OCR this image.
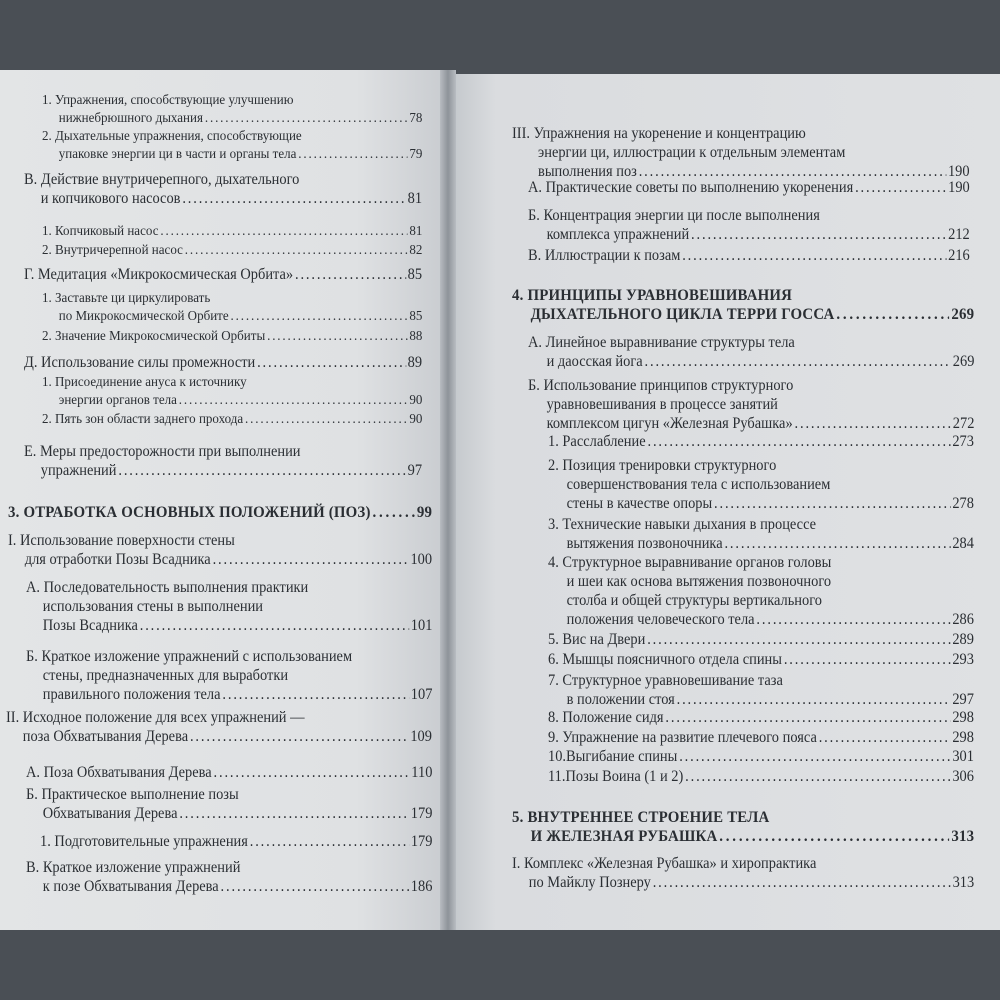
1. Упражнения, способствующие улучшению
нижнебрюшного дыхания .....	78
2. Дыхательные упражнения, способствующие
упаковке энергии ци в части и органы тела .....	79
В. Действие внутричерепного, дыхательного
и копчикового насосов .....	81
1. Копчиковый насос .....	81
2. Внутричерепной насос .....	82
Г. Медитация «Микрокосмическая Орбита» .....	85
1. Заставьте ци циркулировать
по Микрокосмической Орбите .....	85
2. Значение Микрокосмической Орбиты .....	88
Д. Использование силы промежности .....	89
1. Присоединение ануса к источнику
энергии органов тела .....	90
2. Пять зон области заднего прохода .....	90
Е. Меры предосторожности при выполнении
упражнений .....	97
3. ОТРАБОТКА ОСНОВНЫХ ПОЛОЖЕНИЙ (ПОЗ) .....	99
I. Использование поверхности стены
для отработки Позы Всадника .....	100
А. Последовательность выполнения практики
использования стены в выполнении
Позы Всадника .....	101
Б. Краткое изложение упражнений с использованием
стены, предназначенных для выработки
правильного положения тела .....	107
II. Исходное положение для всех упражнений —
поза Обхватывания Дерева .....	109
А. Поза Обхватывания Дерева .....	110
Б. Практическое выполнение позы
Обхватывания Дерева .....	179
1. Подготовительные упражнения .....	179
В. Краткое изложение упражнений
к позе Обхватывания Дерева .....	186
III. Упражнения на укоренение и концентрацию
энергии ци, иллюстрации к отдельным элементам
выполнения поз .....	190
А. Практические советы по выполнению укоренения .....	190
Б. Концентрация энергии ци после выполнения
комплекса упражнений .....	212
В. Иллюстрации к позам .....	216
4. ПРИНЦИПЫ УРАВНОВЕШИВАНИЯ
ДЫХАТЕЛЬНОГО ЦИКЛА ТЕРРИ ГОССА .....	269
А. Линейное выравнивание структуры тела
и даосская йога .....	269
Б. Использование принципов структурного
уравновешивания в процессе занятий
комплексом цигун «Железная Рубашка» .....	272
1. Расслабление .....	273
2. Позиция тренировки структурного
совершенствования тела с использованием
стены в качестве опоры .....	278
3. Технические навыки дыхания в процессе
вытяжения позвоночника .....	284
4. Структурное выравнивание органов головы
и шеи как основа вытяжения позвоночного
столба и общей структуры вертикального
положения человеческого тела .....	286
5. Вис на Двери .....	289
6. Мышцы поясничного отдела спины .....	293
7. Структурное уравновешивание таза
в положении стоя .....	297
8. Положение сидя .....	298
9. Упражнение на развитие плечевого пояса .....	298
10.Выгибание спины .....	301
11.Позы Воина (1 и 2) .....	306
5. ВНУТРЕННЕЕ СТРОЕНИЕ ТЕЛА
И ЖЕЛЕЗНАЯ РУБАШКА .....	313
I. Комплекс «Железная Рубашка» и хиропрактика
по Майклу Познеру .....	313
